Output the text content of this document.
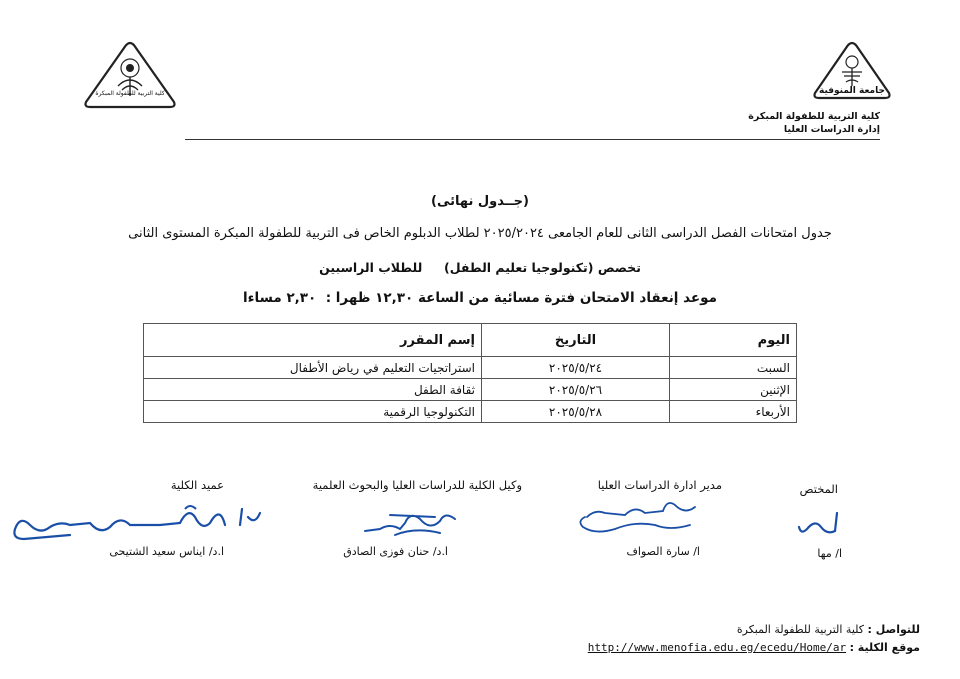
كلية التربية للطفولة المبكرة	جامعة المنوفية
كلية التربية للطفولة المبكرة
إدارة الدراسات العليا
(جــدول نهائى)
جدول امتحانات الفصل الدراسى الثانى للعام الجامعى ٢٠٢٥/٢٠٢٤ لطلاب الدبلوم الخاص فى التربية للطفولة المبكرة المستوى الثانى
تخصص (تكنولوجيا تعليم الطفل)     للطلاب الراسبين
موعد إنعقاد الامتحان فترة مسائية من الساعة ١٢,٣٠ ظهرا :  ٢,٣٠ مساءا
اليوم	التاريخ	إسم المقرر
السبت	٢٠٢٥/٥/٢٤	استراتجيات التعليم في رياض الأطفال
الإثنين	٢٠٢٥/٥/٢٦	ثقافة الطفل
الأربعاء	٢٠٢٥/٥/٢٨	التكنولوجيا الرقمية
المختص
مدير ادارة الدراسات العليا
وكيل الكلية للدراسات العليا والبحوث العلمية
عميد الكلية
ا/ مها
ا/ سارة الصواف
ا.د/ حنان فوزى الصادق
ا.د/ ايناس سعيد الشتيحى
للتواصل : كلية التربية للطفولة المبكرة
موقع الكلية : http://www.menofia.edu.eg/ecedu/Home/ar
